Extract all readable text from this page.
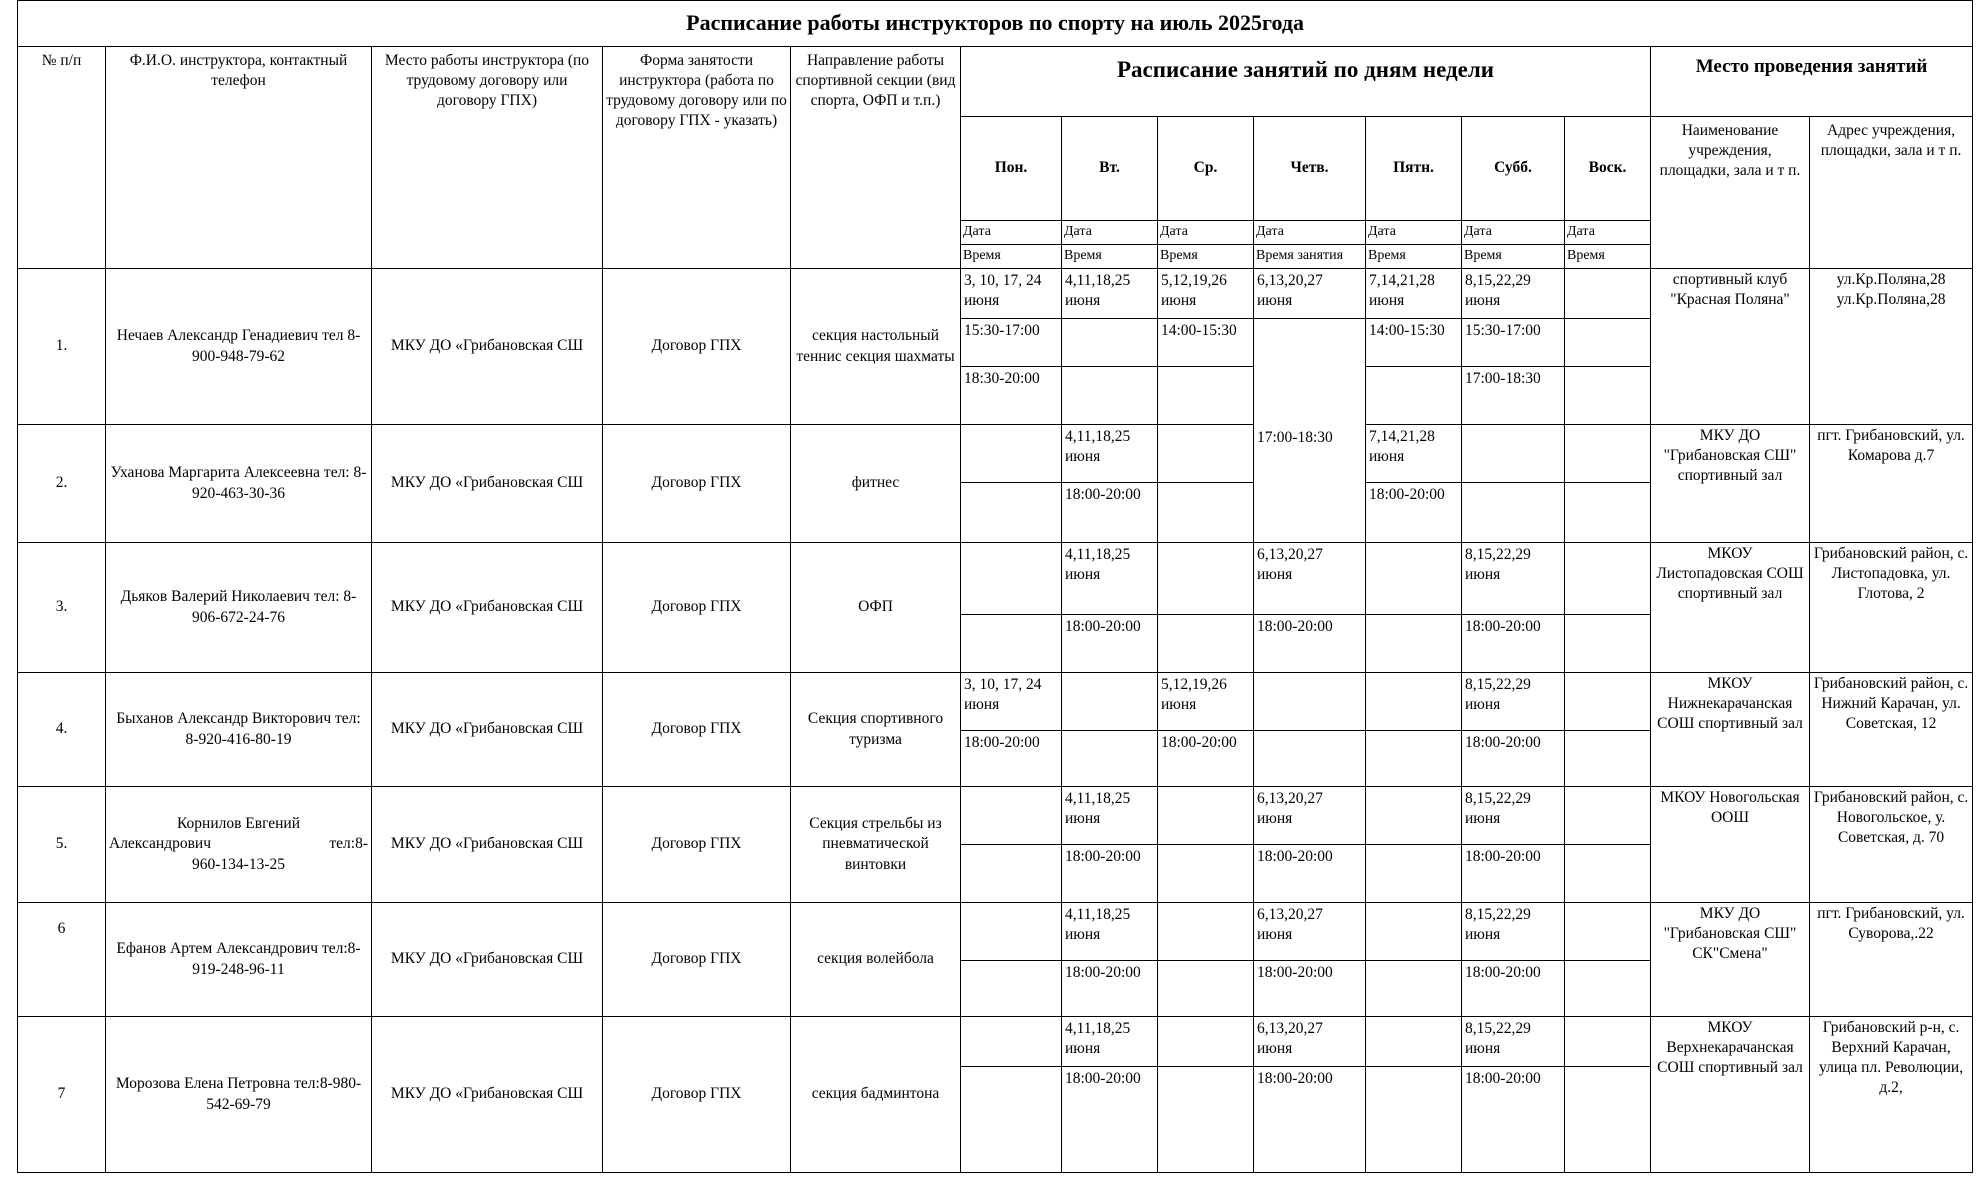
Расписание работы инструкторов по спорту на июль 2025года													
№ п/п	Ф.И.О. инструктора, контактный телефон	Место работы инструктора (по трудовому договору или договору ГПХ)	Форма занятости инструктора (работа по трудовому договору или по договору ГПХ - указать)	Направление работы спортивной секции (вид спорта, ОФП и т.п.)	Расписание занятий по дням недели							Место проведения занятий	
					Пон.	Вт.	Ср.	Четв.	Пятн.	Субб.	Воск.	Наименование учреждения, площадки, зала и т п.	Адрес учреждения, площадки, зала и т п.
					Дата	Дата	Дата	Дата	Дата	Дата	Дата		
					Время	Время	Время	Время занятия	Время	Время	Время		
1.	Нечаев Александр Генадиевич тел 8-900-948-79-62	МКУ ДО «Грибановская СШ	Договор ГПХ	секция настольный теннис секция шахматы	3, 10, 17, 24 июня	4,11,18,25 июня	5,12,19,26 июня	6,13,20,27 июня	7,14,21,28 июня	8,15,22,29 июня		спортивный клуб "Красная Поляна"	ул.Кр.Поляна,28 ул.Кр.Поляна,28
					15:30-17:00		14:00-15:30	17:00-18:30	14:00-15:30	15:30-17:00			
					18:30-20:00					17:00-18:30			
2.	Уханова Маргарита Алексеевна тел: 8-920-463-30-36	МКУ ДО «Грибановская СШ	Договор ГПХ	фитнес		4,11,18,25 июня			7,14,21,28 июня			МКУ ДО "Грибановская СШ" спортивный зал	пгт. Грибановский, ул. Комарова д.7
						18:00-20:00			18:00-20:00				
3.	Дьяков Валерий Николаевич тел: 8-906-672-24-76	МКУ ДО «Грибановская СШ	Договор ГПХ	ОФП		4,11,18,25 июня		6,13,20,27 июня		8,15,22,29 июня		МКОУ Листопадовская СОШ спортивный зал	Грибановский район, с. Листопадовка, ул. Глотова, 2
						18:00-20:00		18:00-20:00		18:00-20:00			
4.	Быханов Александр Викторович тел: 8-920-416-80-19	МКУ ДО «Грибановская СШ	Договор ГПХ	Секция спортивного туризма	3, 10, 17, 24 июня		5,12,19,26 июня			8,15,22,29 июня		МКОУ Нижнекарачанская СОШ спортивный зал	Грибановский район, с. Нижний Карачан, ул. Советская, 12
					18:00-20:00		18:00-20:00			18:00-20:00			
5.	Корнилов Евгений
Александрович тел:8-
960-134-13-25	МКУ ДО «Грибановская СШ	Договор ГПХ	Секция стрельбы из пневматической винтовки		4,11,18,25 июня		6,13,20,27 июня		8,15,22,29 июня		МКОУ Новогольская ООШ	Грибановский район, с. Новогольское, у. Советская, д. 70
						18:00-20:00		18:00-20:00		18:00-20:00			
6	Ефанов Артем Александрович тел:8-919-248-96-11	МКУ ДО «Грибановская СШ	Договор ГПХ	секция волейбола		4,11,18,25 июня		6,13,20,27 июня		8,15,22,29 июня		МКУ ДО "Грибановская СШ" СК"Смена"	пгт. Грибановский, ул. Суворова,.22
						18:00-20:00		18:00-20:00		18:00-20:00			
7	Морозова Елена Петровна тел:8-980-542-69-79	МКУ ДО «Грибановская СШ	Договор ГПХ	секция бадминтона		4,11,18,25 июня		6,13,20,27 июня		8,15,22,29 июня		МКОУ Верхнекарачанская СОШ спортивный зал	Грибановский р-н, с. Верхний Карачан, улица пл. Революции, д.2,
						18:00-20:00		18:00-20:00		18:00-20:00			
